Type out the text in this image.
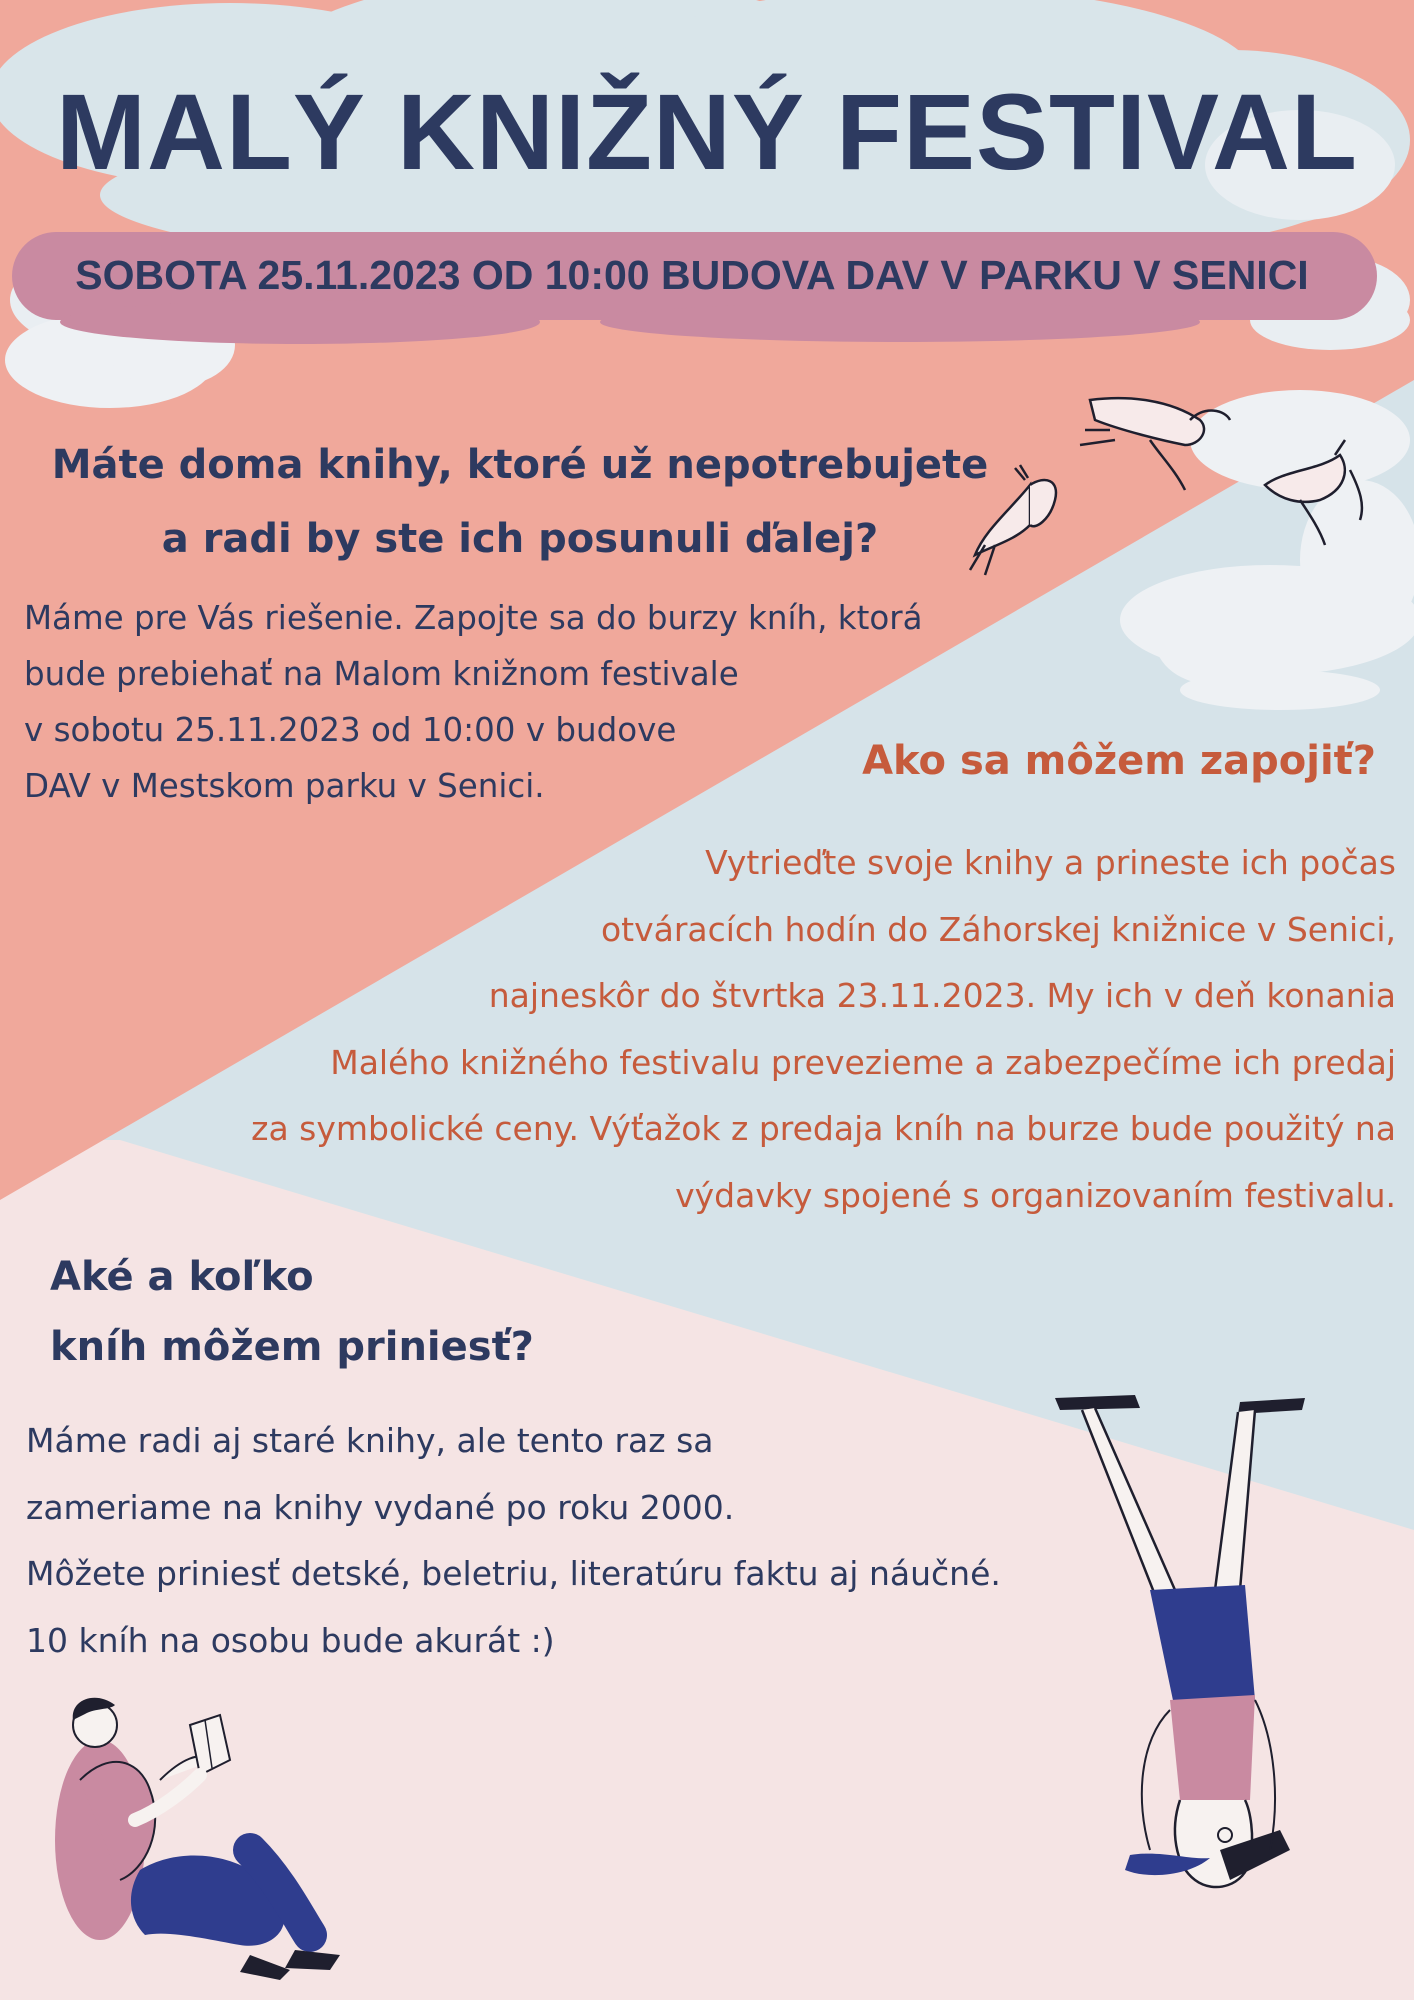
MALÝ KNIŽNÝ FESTIVAL

SOBOTA 25.11.2023 OD 10:00 BUDOVA DAV V PARKU V SENICI

Máte doma knihy, ktoré už nepotrebujete
a radi by ste ich posunuli ďalej?

Máme pre Vás riešenie. Zapojte sa do burzy kníh, ktorá
bude prebiehať na Malom knižnom festivale
v sobotu 25.11.2023 od 10:00 v budove
DAV v Mestskom parku v Senici.

Ako sa môžem zapojiť?

Vytrieďte svoje knihy a prineste ich počas
otváracích hodín do Záhorskej knižnice v Senici,
najneskôr do štvrtka 23.11.2023. My ich v deň konania
Malého knižného festivalu prevezieme a zabezpečíme ich predaj
za symbolické ceny. Výťažok z predaja kníh na burze bude použitý na
výdavky spojené s organizovaním festivalu.

Aké a koľko
kníh môžem priniesť?

Máme radi aj staré knihy, ale tento raz sa
zameriame na knihy vydané po roku 2000.
Môžete priniesť detské, beletriu, literatúru faktu aj náučné.
10 kníh na osobu bude akurát :)
